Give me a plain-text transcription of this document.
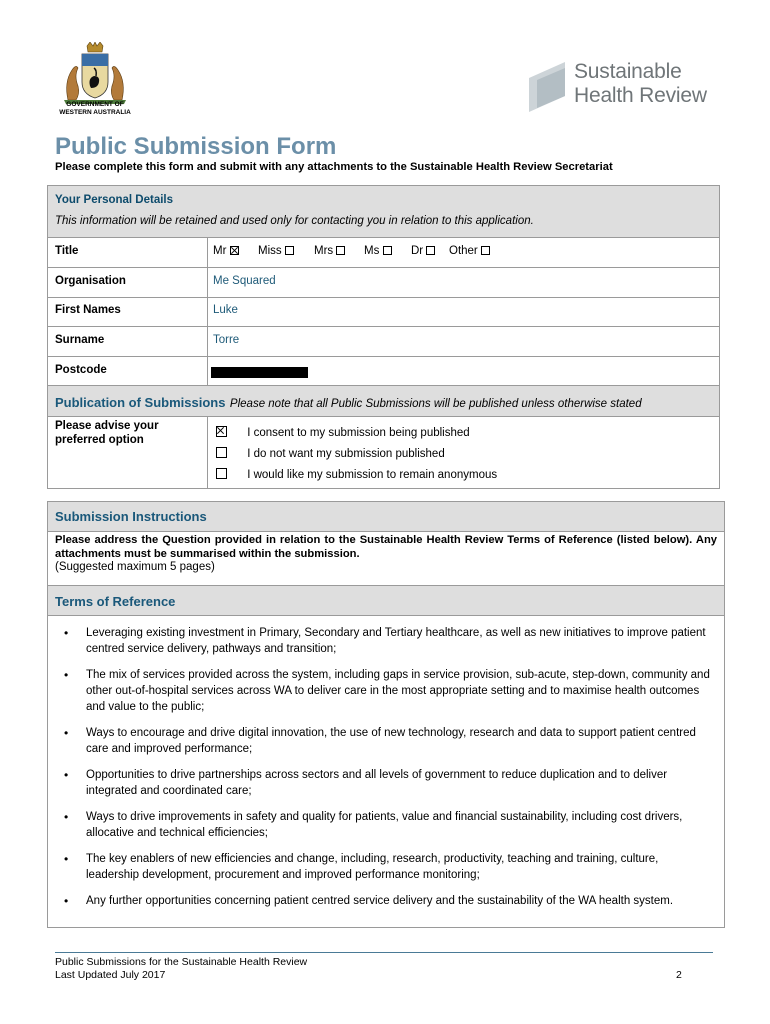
GOVERNMENT OF
WESTERN AUSTRALIA
Sustainable
Health Review
Public Submission Form
Please complete this form and submit with any attachments to the Sustainable Health Review Secretariat
Your Personal Details
This information will be retained and used only for contacting you in relation to this application.
Title	Mr	Miss	Mrs	Ms	Dr	Other
Organisation	Me Squared
First Names	Luke
Surname	Torre
Postcode
Publication of Submissions Please note that all Public Submissions will be published unless otherwise stated
Please advise your preferred option
I consent to my submission being published
I do not want my submission published
I would like my submission to remain anonymous
Submission Instructions
Please address the Question provided in relation to the Sustainable Health Review Terms of Reference (listed below). Any attachments must be summarised within the submission.
(Suggested maximum 5 pages)
Terms of Reference
• Leveraging existing investment in Primary, Secondary and Tertiary healthcare, as well as new initiatives to improve patient centred service delivery, pathways and transition;
• The mix of services provided across the system, including gaps in service provision, sub-acute, step-down, community and other out-of-hospital services across WA to deliver care in the most appropriate setting and to maximise health outcomes and value to the public;
• Ways to encourage and drive digital innovation, the use of new technology, research and data to support patient centred care and improved performance;
• Opportunities to drive partnerships across sectors and all levels of government to reduce duplication and to deliver integrated and coordinated care;
• Ways to drive improvements in safety and quality for patients, value and financial sustainability, including cost drivers, allocative and technical efficiencies;
• The key enablers of new efficiencies and change, including, research, productivity, teaching and training, culture, leadership development, procurement and improved performance monitoring;
• Any further opportunities concerning patient centred service delivery and the sustainability of the WA health system.
Public Submissions for the Sustainable Health Review
Last Updated July 2017	2
